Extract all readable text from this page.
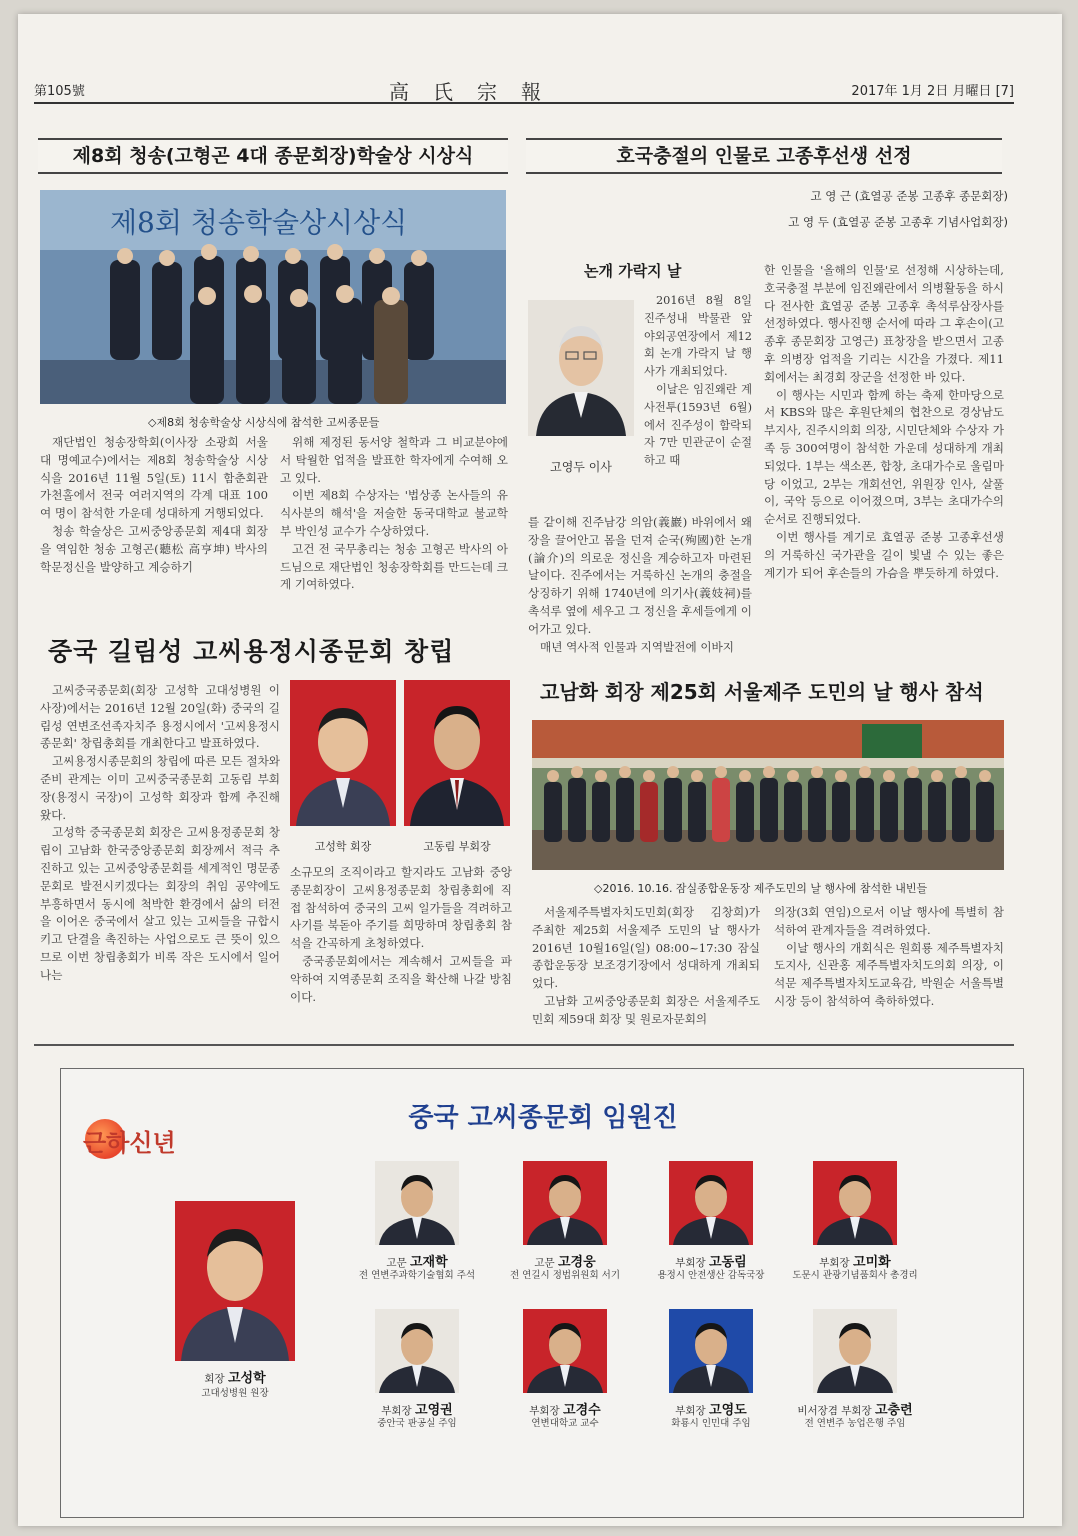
第105號	高氏宗報	2017年 1月 2日 月曜日 [7]
제8회 청송(고형곤 4대 종문회장)학술상 시상식
제8회 청송학술상시상식
◇제8회 청송학술상 시상식에 참석한 고씨종문들

재단법인 청송장학회(이사장 소광희 서울대 명예교수)에서는 제8회 청송학술상 시상식을 2016년 11월 5일(토) 11시 함춘회관 가천홀에서 전국 여러지역의 각계 대표 100여 명이 참석한 가운데 성대하게 거행되었다.

청송 학술상은 고씨중앙종문회 제4대 회장을 역임한 청송 고형곤(聽松 高亨坤) 박사의 학문정신을 발양하고 계승하기

위해 제정된 동서양 철학과 그 비교분야에서 탁월한 업적을 발표한 학자에게 수여해 오고 있다.

이번 제8회 수상자는 '법상종 논사들의 유식사분의 해석'을 저술한 동국대학교 불교학부 박인성 교수가 수상하였다.

고건 전 국무총리는 청송 고형곤 박사의 아드님으로 재단법인 청송장학회를 만드는데 크게 기여하였다.

호국충절의 인물로 고종후선생 선정
고 영 근 (효열공 준봉 고종후 종문회장)
고 영 두 (효열공 준봉 고종후 기념사업회장)
논개 가락지 날
고영두 이사

2016년 8월 8일 진주성내 박물관 앞 야외공연장에서 제12회 논개 가락지 날 행사가 개최되었다.

이날은 임진왜란 계사전투(1593년 6월)에서 진주성이 함락되자 7만 민관군이 순절하고 때

를 같이해 진주남강 의암(義巖) 바위에서 왜장을 끌어안고 몸을 던져 순국(殉國)한 논개(論介)의 의로운 정신을 계승하고자 마련된 날이다. 진주에서는 거룩하신 논개의 충절을 상징하기 위해 1740년에 의기사(義妓祠)를 촉석루 옆에 세우고 그 정신을 후세들에게 이어가고 있다.

매년 역사적 인물과 지역발전에 이바지

한 인물을 '올해의 인물'로 선정해 시상하는데, 호국충절 부분에 임진왜란에서 의병활동을 하시다 전사한 효열공 준봉 고종후 촉석루삼장사를 선정하였다. 행사진행 순서에 따라 그 후손이(고종후 종문회장 고영근) 표창장을 받으면서 고종후 의병장 업적을 기리는 시간을 가졌다. 제11회에서는 최경회 장군을 선정한 바 있다.

이 행사는 시민과 함께 하는 축제 한마당으로서 KBS와 많은 후원단체의 협찬으로 경상남도부지사, 진주시의회 의장, 시민단체와 수상자 가족 등 300여명이 참석한 가운데 성대하게 개최되었다. 1부는 색소폰, 합창, 초대가수로 울림마당 이었고, 2부는 개회선언, 위원장 인사, 살풀이, 국악 등으로 이어졌으며, 3부는 초대가수의 순서로 진행되었다.

이번 행사를 계기로 효열공 준봉 고종후선생의 거룩하신 국가관을 길이 빛낼 수 있는 좋은 계기가 되어 후손들의 가슴을 뿌듯하게 하였다.

중국 길림성 고씨용정시종문회 창립

고씨중국종문회(회장 고성학 고대성병원 이사장)에서는 2016년 12월 20일(화) 중국의 길림성 연변조선족자치주 용정시에서 '고씨용정시종문회' 창립총회를 개최한다고 발표하였다.

고씨용정시종문회의 창립에 따른 모든 절차와 준비 관계는 이미 고씨중국종문회 고동림 부회장(용정시 국장)이 고성학 회장과 함께 추진해 왔다.

고성학 중국종문회 회장은 고씨용정종문회 창립이 고남화 한국중앙종문회 회장께서 적극 추진하고 있는 고씨중앙종문회를 세계적인 명문종문회로 발전시키겠다는 회장의 취임 공약에도 부흥하면서 동시에 척박한 환경에서 삶의 터전을 이어온 중국에서 살고 있는 고씨들을 규합시키고 단결을 촉진하는 사업으로도 큰 뜻이 있으므로 이번 창립총회가 비록 작은 도시에서 일어나는

고성학 회장	고동림 부회장

소규모의 조직이라고 할지라도 고남화 중앙종문회장이 고씨용정종문회 창립총회에 직접 참석하여 중국의 고씨 일가들을 격려하고 사기를 북돋아 주기를 희망하며 창립총회 참석을 간곡하게 초청하였다.

중국종문회에서는 계속해서 고씨들을 파악하여 지역종문회 조직을 확산해 나갈 방침이다.

고남화 회장 제25회 서울제주 도민의 날 행사 참석
◇2016. 10.16. 잠실종합운동장 제주도민의 날 행사에 참석한 내빈들

서울제주특별자치도민회(회장 김창희)가 주최한 제25회 서울제주 도민의 날 행사가 2016년 10월16일(일) 08:00~17:30 잠실종합운동장 보조경기장에서 성대하게 개최되었다.

고남화 고씨중앙종문회 회장은 서울제주도민회 제59대 회장 및 원로자문회의

의장(3회 연임)으로서 이날 행사에 특별히 참석하여 관계자들을 격려하였다.

이날 행사의 개회식은 원희룡 제주특별자치도지사, 신관홍 제주특별자치도의회 의장, 이석문 제주특별자치도교육감, 박원순 서울특별시장 등이 참석하여 축하하였다.

근하신년
중국 고씨종문회 임원진
회장 고성학
고대성병원 원장
고문 고재학
전 연변주과학기술협회 주석
고문 고경웅
전 연길시 정법위원회 서기
부회장 고동림
용정시 안전생산 감독국장
부회장 고미화
도문시 관광기념품회사 총경리
부회장 고영권
중안국 판공실 주임
부회장 고경수
연변대학교 교수
부회장 고영도
화룡시 인민대 주임
비서장겸 부회장 고충련
전 연변주 농업은행 주임
